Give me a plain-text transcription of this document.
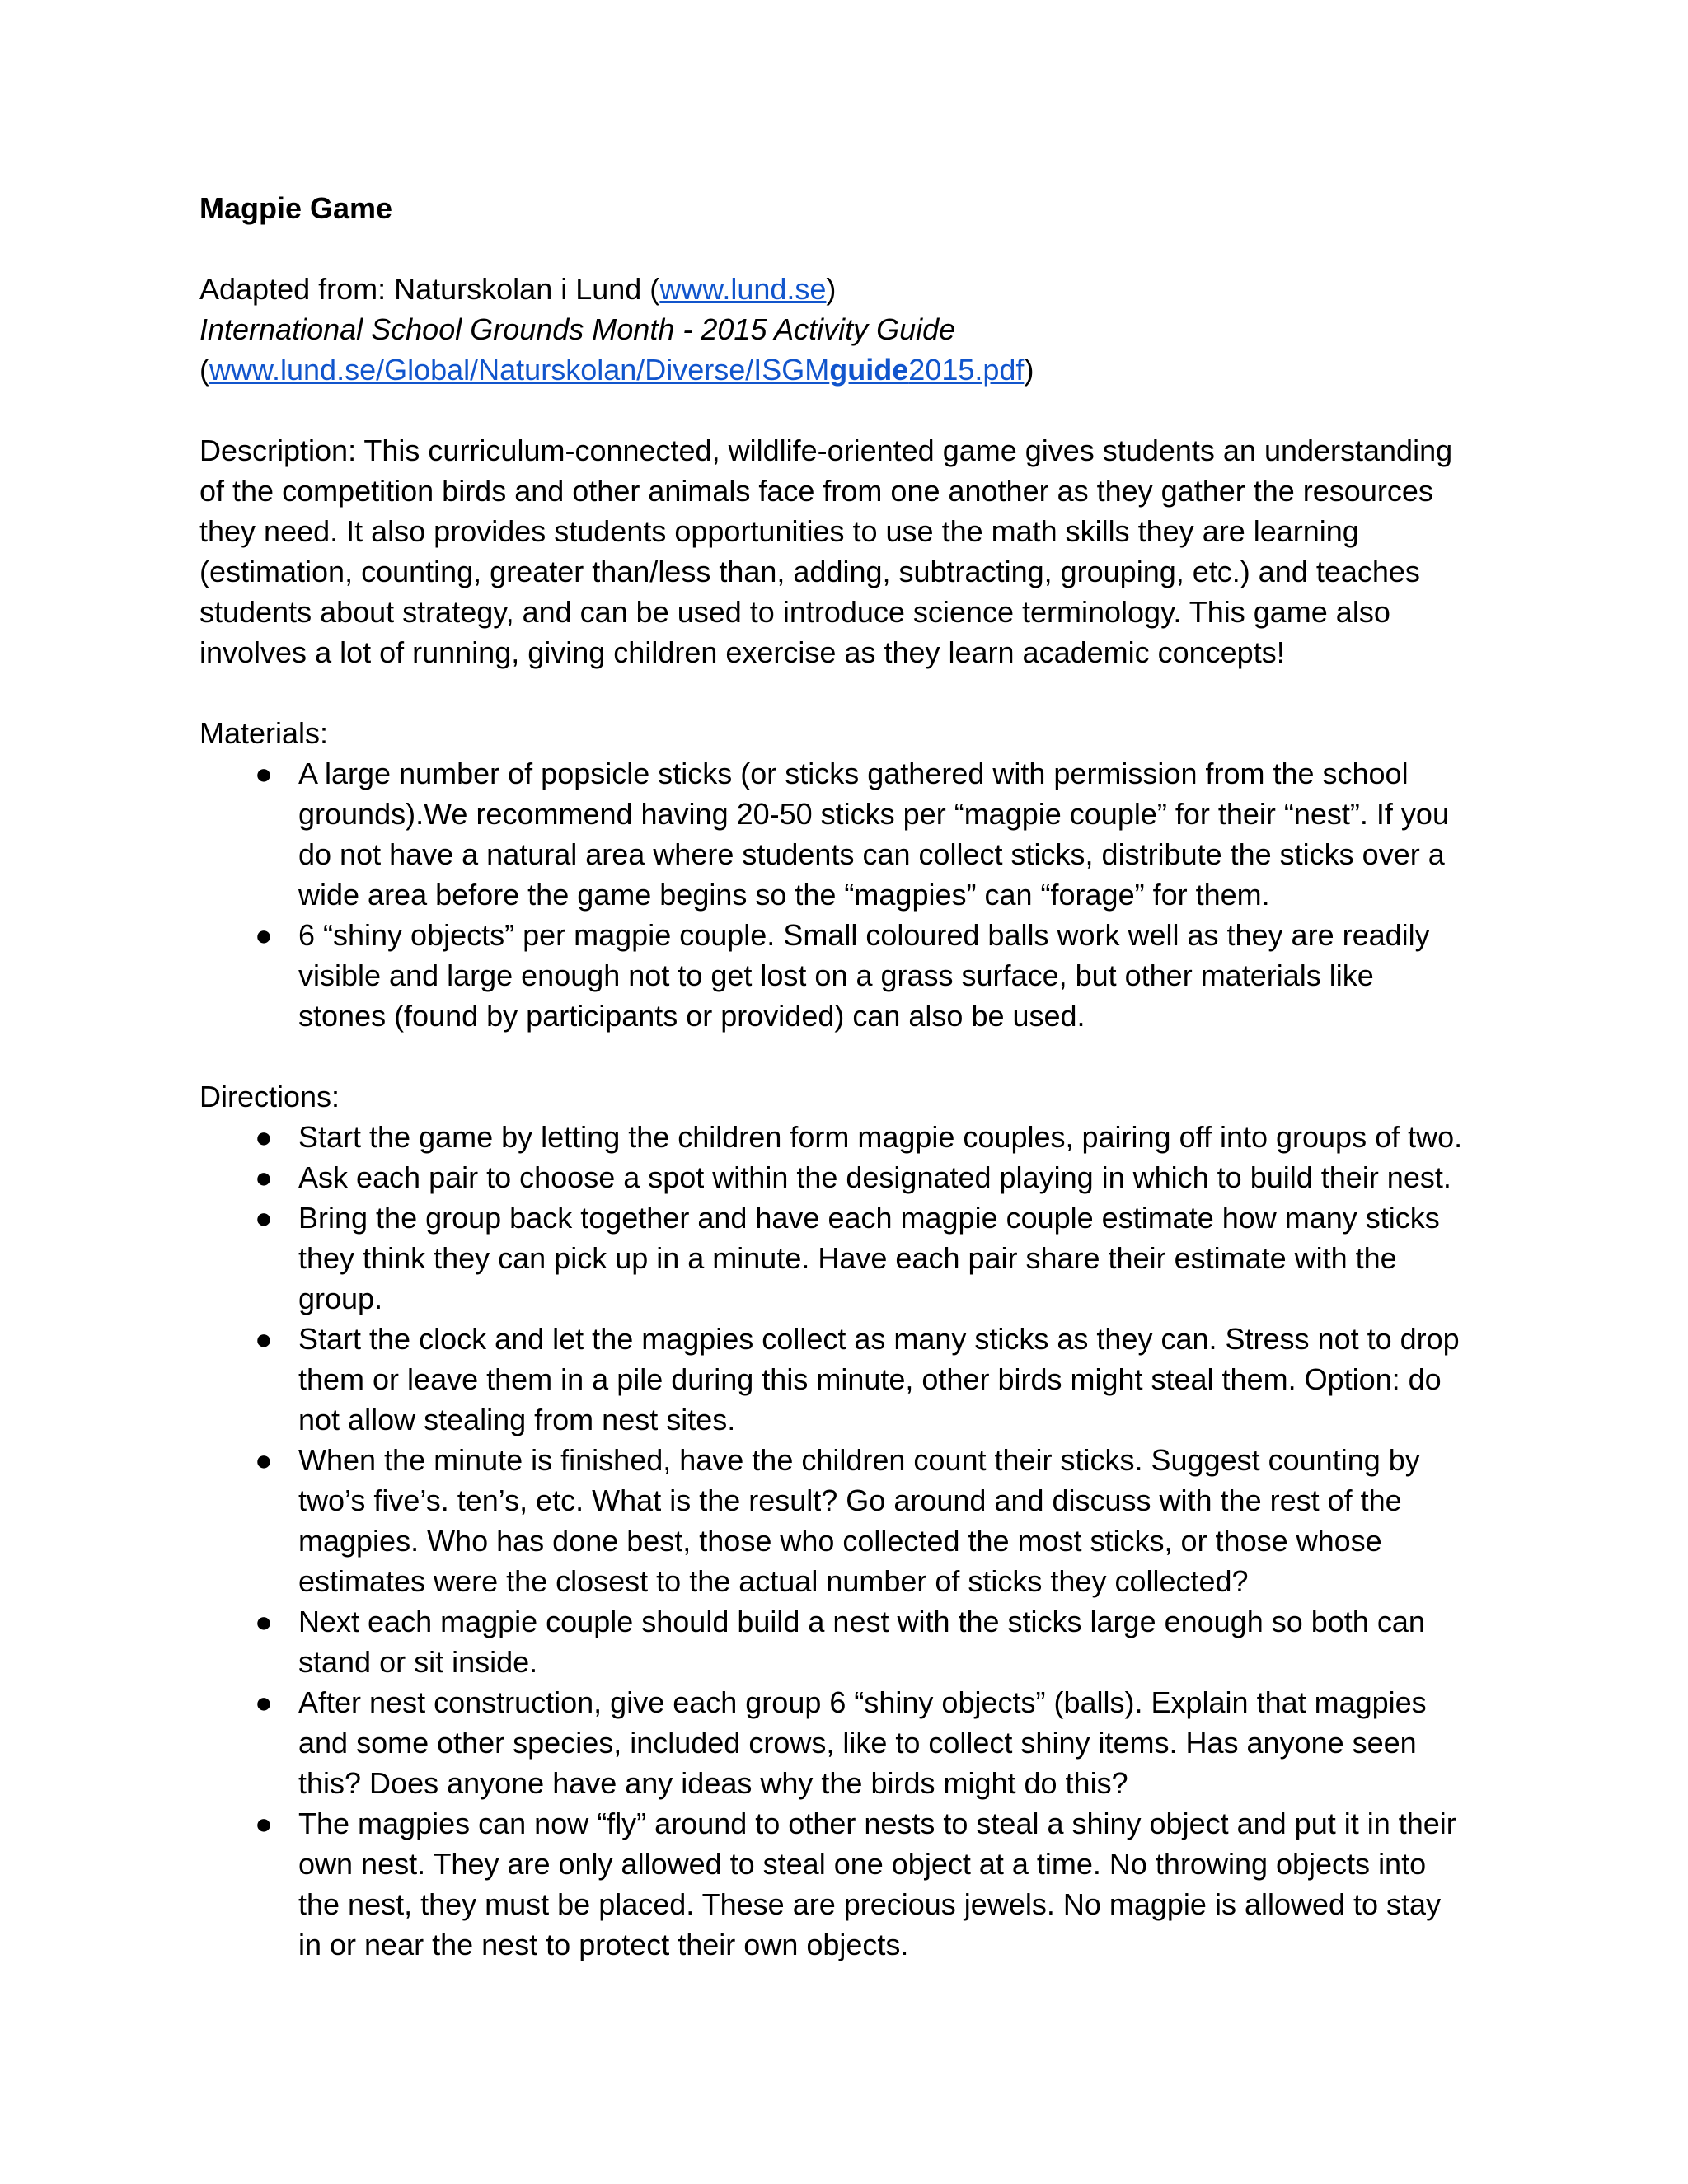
Magpie Game

Adapted from: Naturskolan i Lund (www.lund.se)

International School Grounds Month - 2015 Activity Guide

(www.lund.se/Global/Naturskolan/Diverse/ISGMguide2015.pdf)

Description: This curriculum-connected, wildlife-oriented game gives students an understanding

of the competition birds and other animals face from one another as they gather the resources

they need. It also provides students opportunities to use the math skills they are learning

(estimation, counting, greater than/less than, adding, subtracting, grouping, etc.) and teaches

students about strategy, and can be used to introduce science terminology. This game also

involves a lot of running, giving children exercise as they learn academic concepts!

Materials:

● A large number of popsicle sticks (or sticks gathered with permission from the school

grounds).We recommend having 20-50 sticks per “magpie couple” for their “nest”. If you

do not have a natural area where students can collect sticks, distribute the sticks over a

wide area before the game begins so the “magpies” can “forage” for them.

● 6 “shiny objects” per magpie couple. Small coloured balls work well as they are readily

visible and large enough not to get lost on a grass surface, but other materials like

stones (found by participants or provided) can also be used.

Directions:

● Start the game by letting the children form magpie couples, pairing off into groups of two.

● Ask each pair to choose a spot within the designated playing in which to build their nest.

● Bring the group back together and have each magpie couple estimate how many sticks

they think they can pick up in a minute. Have each pair share their estimate with the

group.

● Start the clock and let the magpies collect as many sticks as they can. Stress not to drop

them or leave them in a pile during this minute, other birds might steal them. Option: do

not allow stealing from nest sites.

● When the minute is finished, have the children count their sticks. Suggest counting by

two’s five’s. ten’s, etc. What is the result? Go around and discuss with the rest of the

magpies. Who has done best, those who collected the most sticks, or those whose

estimates were the closest to the actual number of sticks they collected?

● Next each magpie couple should build a nest with the sticks large enough so both can

stand or sit inside.

● After nest construction, give each group 6 “shiny objects” (balls). Explain that magpies

and some other species, included crows, like to collect shiny items. Has anyone seen

this? Does anyone have any ideas why the birds might do this?

● The magpies can now “fly” around to other nests to steal a shiny object and put it in their

own nest. They are only allowed to steal one object at a time. No throwing objects into

the nest, they must be placed. These are precious jewels. No magpie is allowed to stay

in or near the nest to protect their own objects.
